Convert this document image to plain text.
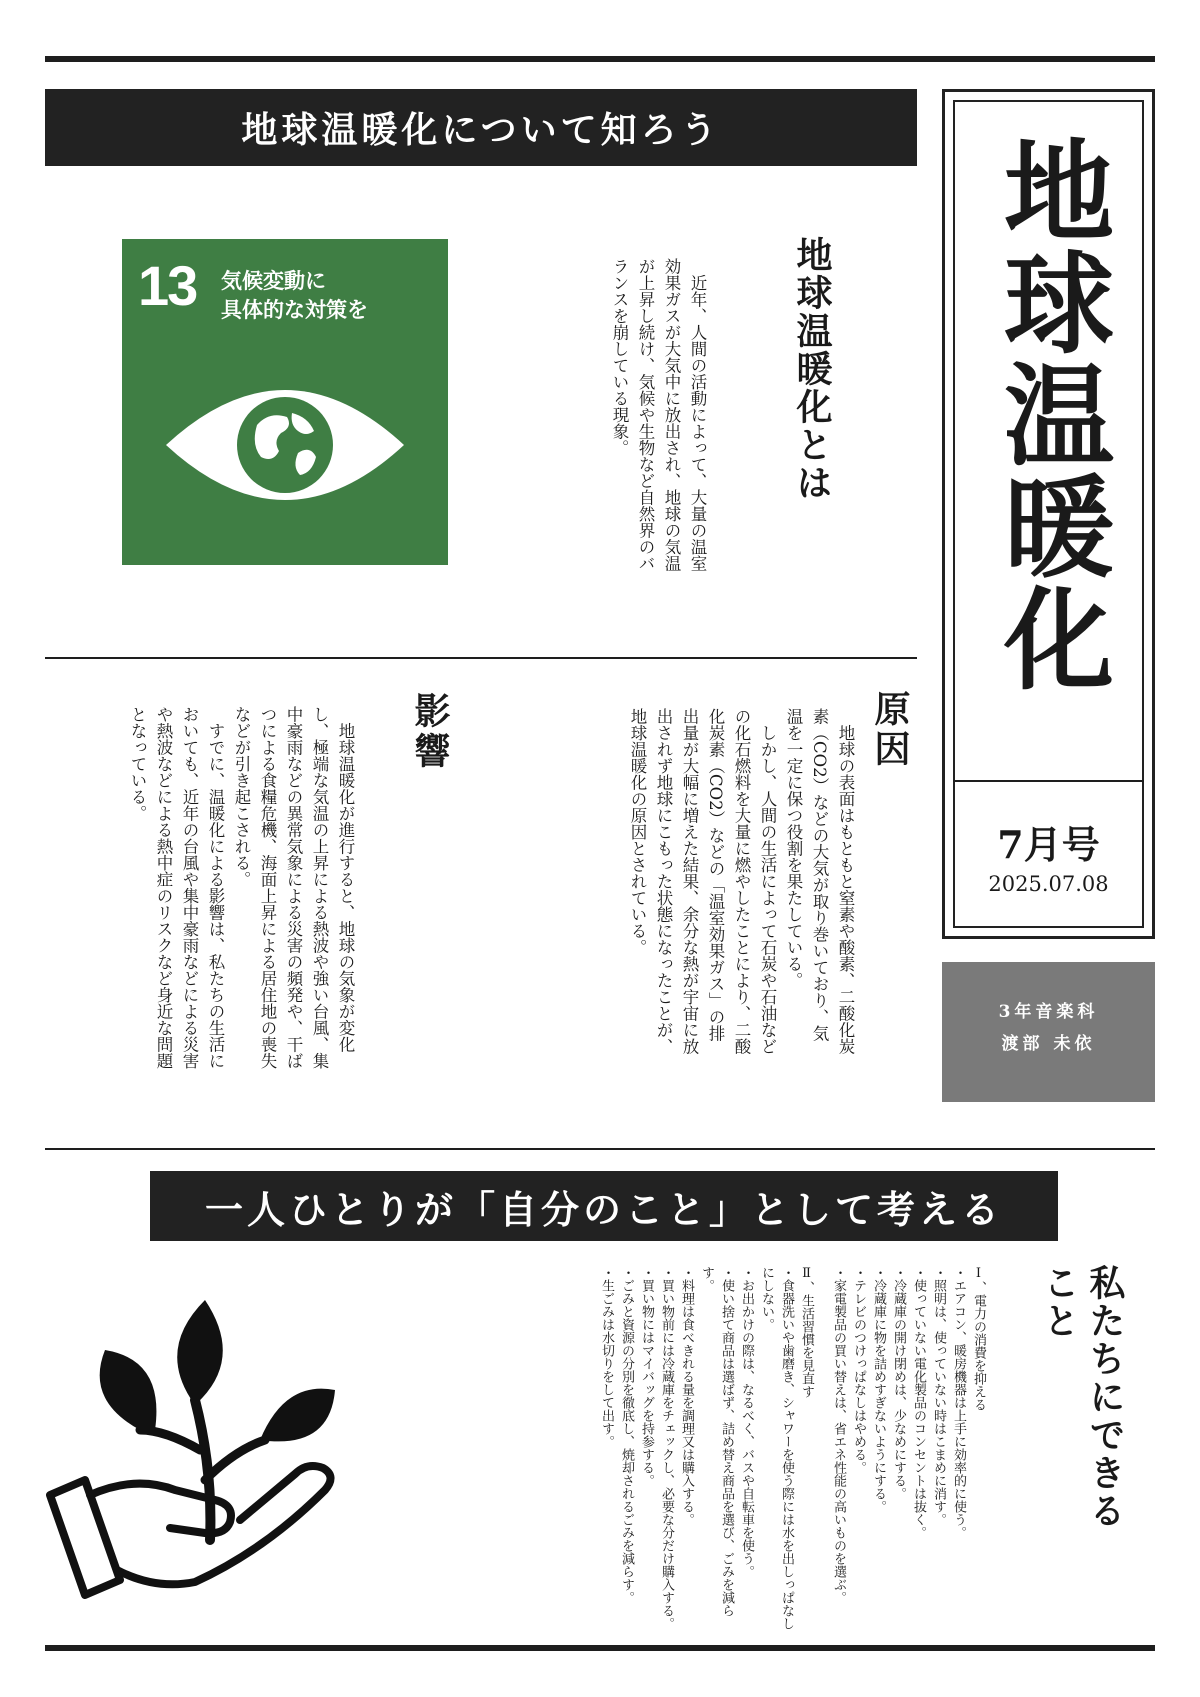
地球温暖化について知ろう
地球温暖化
7月号
2025.07.08
3年音楽科
渡部 未依
13 気候変動に
具体的な対策を	地球温暖化とは
　近年、人間の活動によって、大量の温室効果ガスが大気中に放出され、地球の気温が上昇し続け、気候や生物など自然界のバランスを崩している現象。
原因
　地球の表面はもともと窒素や酸素、二酸化炭素（CO2）などの大気が取り巻いており、気温を一定に保つ役割を果たしている。
　しかし、人間の生活によって石炭や石油などの化石燃料を大量に燃やしたことにより、二酸化炭素（CO2）などの「温室効果ガス」の排出量が大幅に増えた結果、余分な熱が宇宙に放出されず地球にこもった状態になったことが、地球温暖化の原因とされている。
影響
　地球温暖化が進行すると、地球の気象が変化し、極端な気温の上昇による熱波や強い台風、集中豪雨などの異常気象による災害の頻発や、干ばつによる食糧危機、海面上昇による居住地の喪失などが引き起こされる。
　すでに、温暖化による影響は、私たちの生活においても、近年の台風や集中豪雨などによる災害や熱波などによる熱中症のリスクなど身近な問題となっている。
一人ひとりが「自分のこと」として考える
私たちにできること
Ⅰ、電力の消費を抑える
・エアコン、暖房機器は上手に効率的に使う。
・照明は、使っていない時はこまめに消す。
・使っていない電化製品のコンセントは抜く。
・冷蔵庫の開け閉めは、少なめにする。
・冷蔵庫に物を詰めすぎないようにする。
・テレビのつけっぱなしはやめる。
・家電製品の買い替えは、省エネ性能の高いものを選ぶ。
Ⅱ、生活習慣を見直す
・食器洗いや歯磨き、シャワーを使う際には水を出しっぱなしにしない。
・お出かけの際は、なるべく、バスや自転車を使う。
・使い捨て商品は選ばず、詰め替え商品を選び、ごみを減らす。
・料理は食べきれる量を調理又は購入する。
・買い物前には冷蔵庫をチェックし、必要な分だけ購入する。
・買い物にはマイバッグを持参する。
・ごみと資源の分別を徹底し、焼却されるごみを減らす。
・生ごみは水切りをして出す。
